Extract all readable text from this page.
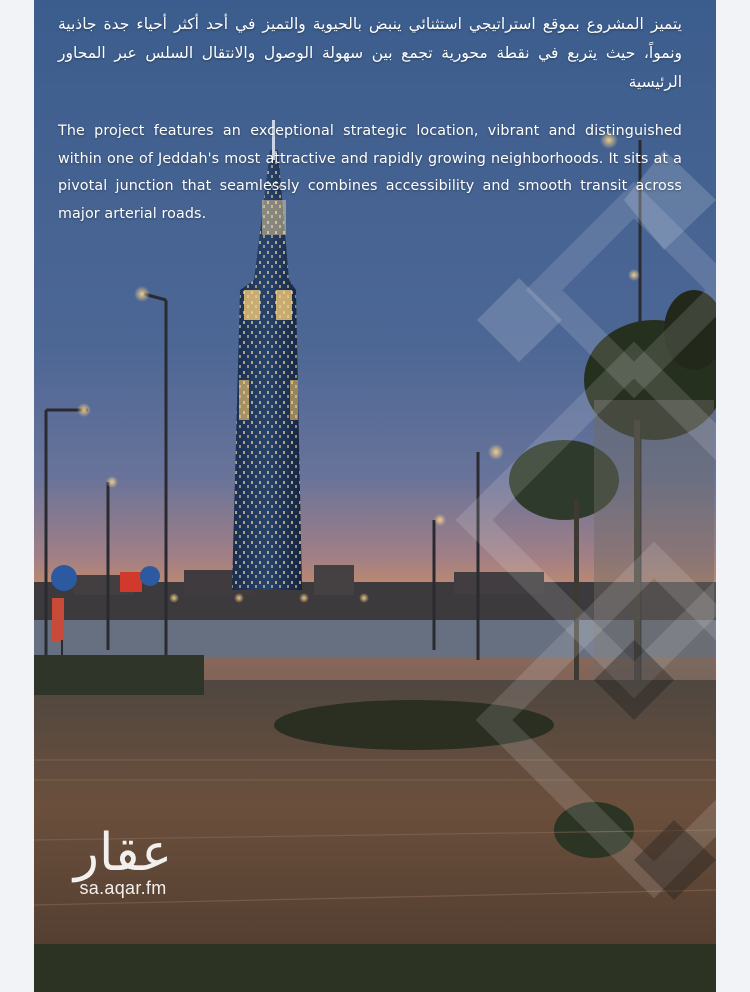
يتميز المشروع بموقع استراتيجي استثنائي ينبض بالحيوية والتميز في أحد أكثر أحياء جدة جاذبية ونمواً، حيث يتربع في نقطة محورية تجمع بين سهولة الوصول والانتقال السلس عبر المحاور الرئيسية
The project features an exceptional strategic location, vibrant and distinguished within one of Jeddah's most attractive and rapidly growing neighborhoods. It sits at a pivotal junction that seamlessly combines accessibility and smooth transit across major arterial roads.
عقار
sa.aqar.fm
